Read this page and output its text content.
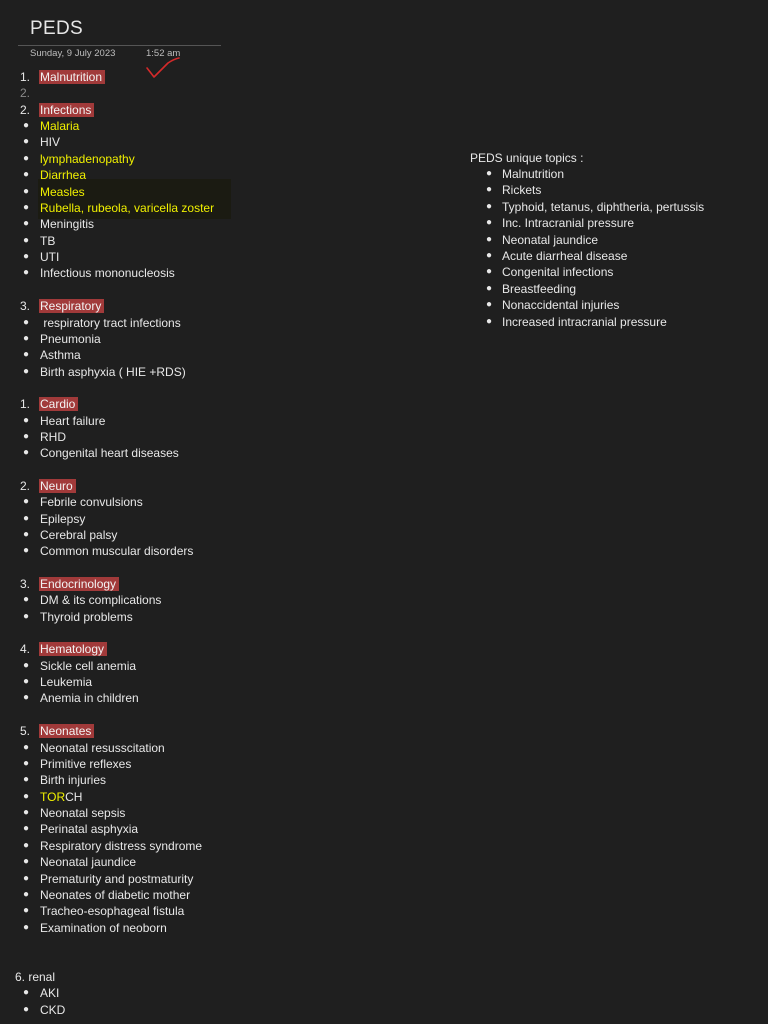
PEDS
Sunday, 9 July 2023	1:52 am
1. Malnutrition
2.
2. Infections
● Malaria
● HIV
● lymphadenopathy
● Diarrhea
● Measles
● Rubella, rubeola, varicella zoster
● Meningitis
● TB
● UTI
● Infectious mononucleosis
3. Respiratory
● respiratory tract infections
● Pneumonia
● Asthma
● Birth asphyxia ( HIE +RDS)
1. Cardio
● Heart failure
● RHD
● Congenital heart diseases
2. Neuro
● Febrile convulsions
● Epilepsy
● Cerebral palsy
● Common muscular disorders
3. Endocrinology
● DM & its complications
● Thyroid problems
4. Hematology
● Sickle cell anemia
● Leukemia
● Anemia in children
5. Neonates
● Neonatal resusscitation
● Primitive reflexes
● Birth injuries
● TORCH
● Neonatal sepsis
● Perinatal asphyxia
● Respiratory distress syndrome
● Neonatal jaundice
● Prematurity and postmaturity
● Neonates of diabetic mother
● Tracheo-esophageal fistula
● Examination of neoborn
6. renal
● AKI
● CKD
PEDS unique topics :
● Malnutrition
● Rickets
● Typhoid, tetanus, diphtheria, pertussis
● Inc. Intracranial pressure
● Neonatal jaundice
● Acute diarrheal disease
● Congenital infections
● Breastfeeding
● Nonaccidental injuries
● Increased intracranial pressure
